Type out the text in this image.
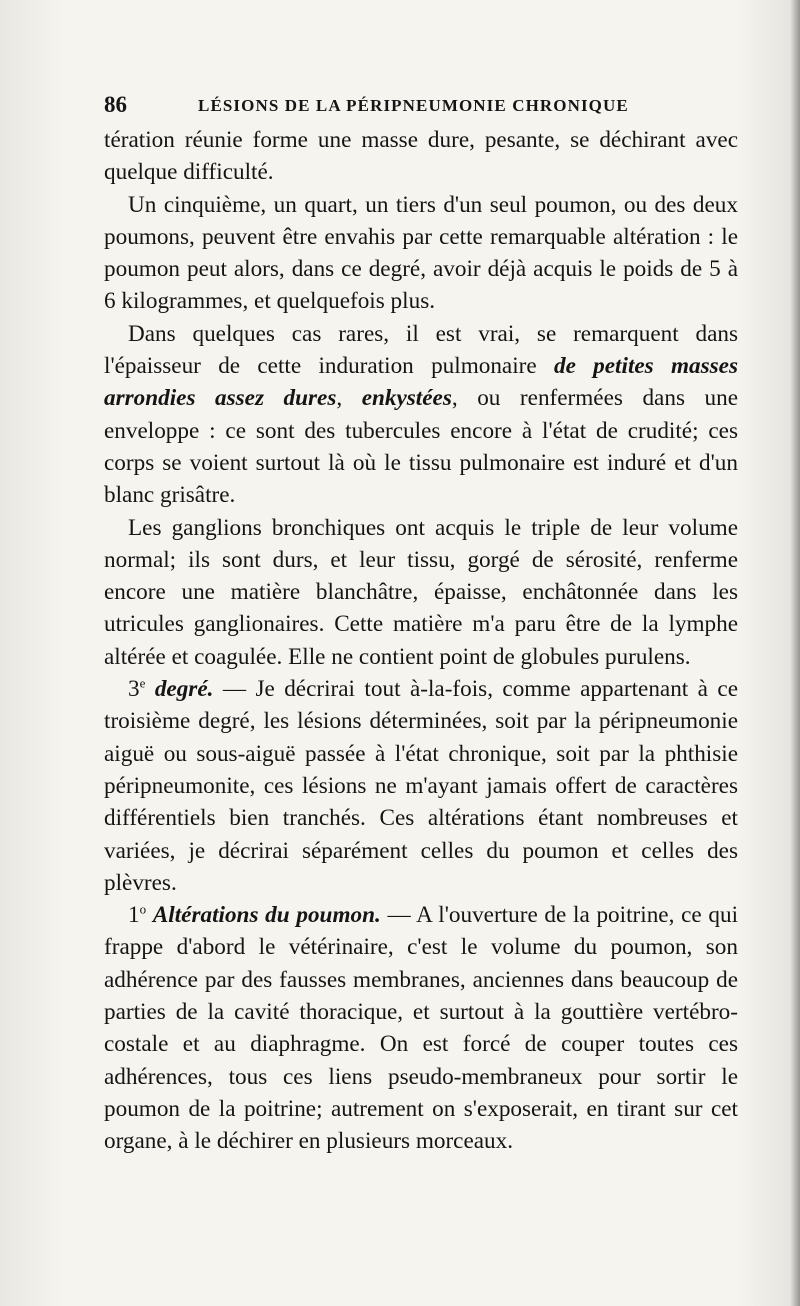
86	LÉSIONS DE LA PÉRIPNEUMONIE CHRONIQUE

tération réunie forme une masse dure, pesante, se déchirant avec quelque difficulté.

Un cinquième, un quart, un tiers d'un seul poumon, ou des deux poumons, peuvent être envahis par cette remarquable altération : le poumon peut alors, dans ce degré, avoir déjà acquis le poids de 5 à 6 kilogrammes, et quelquefois plus.

Dans quelques cas rares, il est vrai, se remarquent dans l'épaisseur de cette induration pulmonaire de petites masses arrondies assez dures, enkystées, ou renfermées dans une enveloppe : ce sont des tubercules encore à l'état de crudité; ces corps se voient surtout là où le tissu pulmonaire est induré et d'un blanc grisâtre.

Les ganglions bronchiques ont acquis le triple de leur volume normal; ils sont durs, et leur tissu, gorgé de sérosité, renferme encore une matière blanchâtre, épaisse, enchâtonnée dans les utricules ganglionaires. Cette matière m'a paru être de la lymphe altérée et coagulée. Elle ne contient point de globules purulens.

3e degré. — Je décrirai tout à-la-fois, comme appartenant à ce troisième degré, les lésions déterminées, soit par la péripneumonie aiguë ou sous-aiguë passée à l'état chronique, soit par la phthisie péripneumonite, ces lésions ne m'ayant jamais offert de caractères différentiels bien tranchés. Ces altérations étant nombreuses et variées, je décrirai séparément celles du poumon et celles des plèvres.

1$^o$ Altérations du poumon. — A l'ouverture de la poitrine, ce qui frappe d'abord le vétérinaire, c'est le volume du poumon, son adhérence par des fausses membranes, anciennes dans beaucoup de parties de la cavité thoracique, et surtout à la gouttière vertébro-costale et au diaphragme. On est forcé de couper toutes ces adhérences, tous ces liens pseudo-membraneux pour sortir le poumon de la poitrine; autrement on s'exposerait, en tirant sur cet organe, à le déchirer en plusieurs morceaux.
